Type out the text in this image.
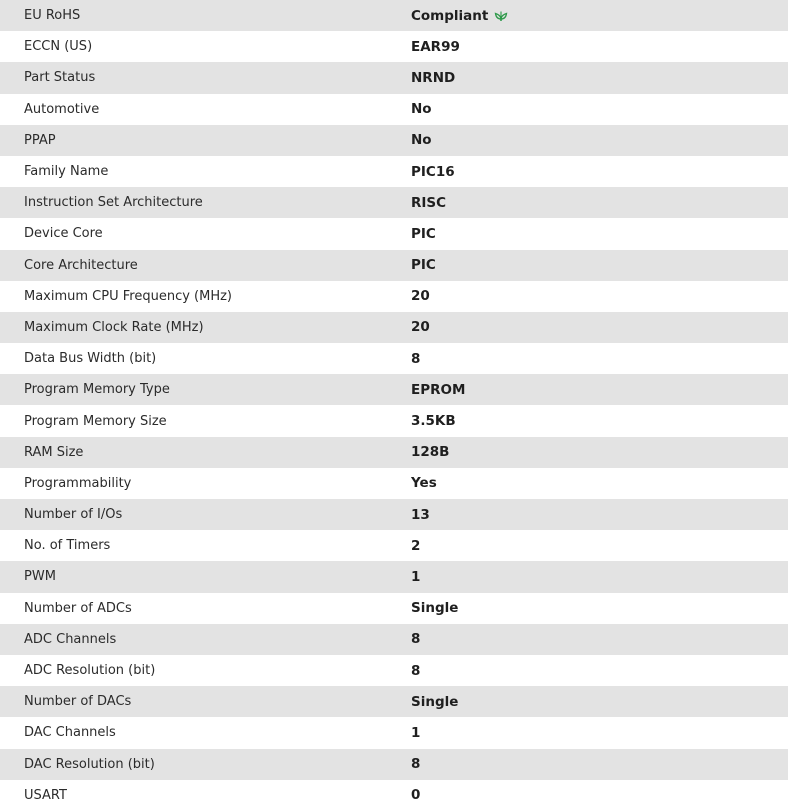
EU RoHS	Compliant
ECCN (US)	EAR99
Part Status	NRND
Automotive	No
PPAP	No
Family Name	PIC16
Instruction Set Architecture	RISC
Device Core	PIC
Core Architecture	PIC
Maximum CPU Frequency (MHz)	20
Maximum Clock Rate (MHz)	20
Data Bus Width (bit)	8
Program Memory Type	EPROM
Program Memory Size	3.5KB
RAM Size	128B
Programmability	Yes
Number of I/Os	13
No. of Timers	2
PWM	1
Number of ADCs	Single
ADC Channels	8
ADC Resolution (bit)	8
Number of DACs	Single
DAC Channels	1
DAC Resolution (bit)	8
USART	0
